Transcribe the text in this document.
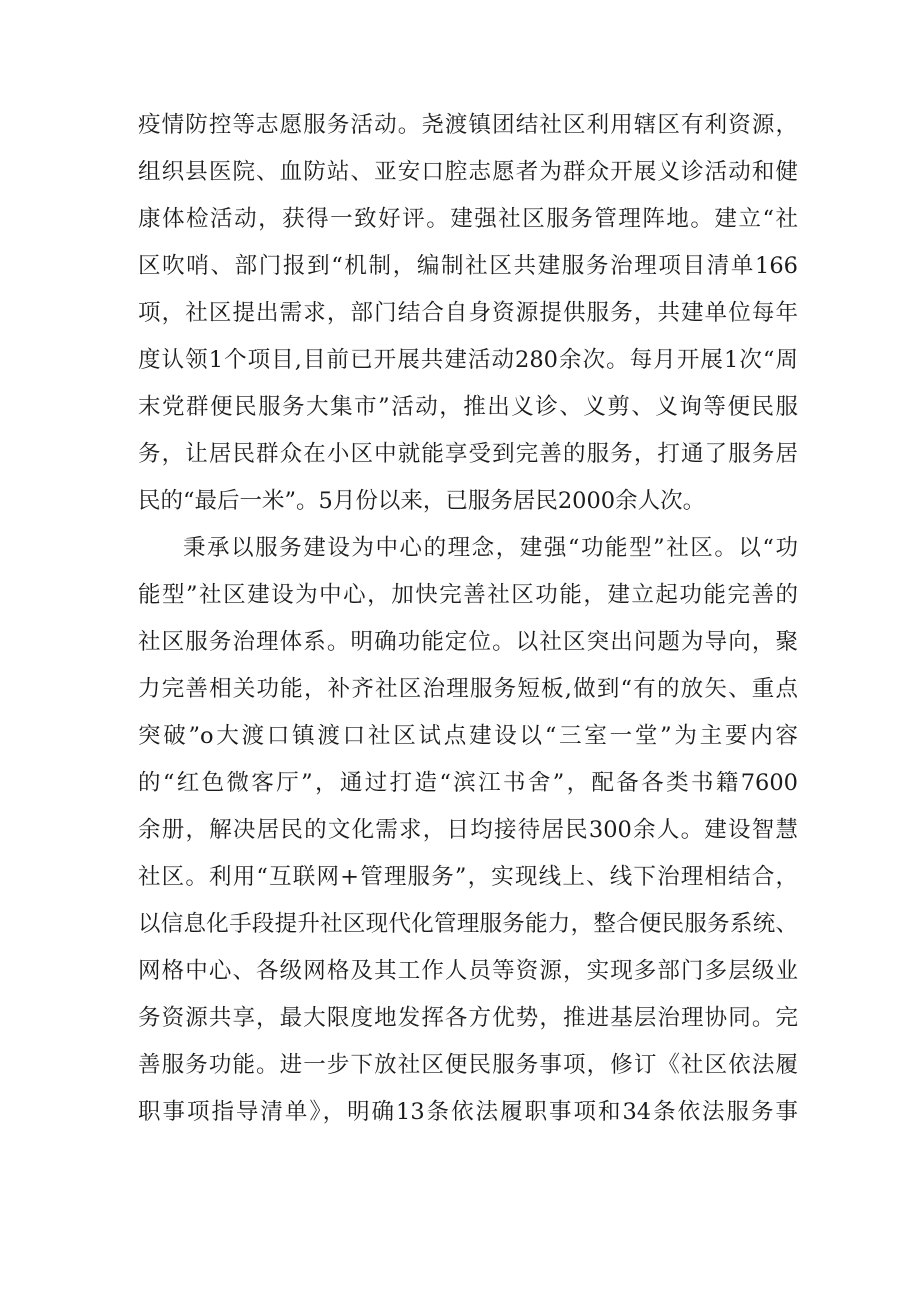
疫情防控等志愿服务活动。尧渡镇团结社区利用辖区有利资源，
组织县医院、血防站、亚安口腔志愿者为群众开展义诊活动和健
康体检活动，获得一致好评。建强社区服务管理阵地。建立“社
区吹哨、部门报到“机制，编制社区共建服务治理项目清单166
项，社区提出需求，部门结合自身资源提供服务，共建单位每年
度认领1个项目,目前已开展共建活动280余次。每月开展1次“周
末党群便民服务大集市”活动，推出义诊、义剪、义询等便民服
务，让居民群众在小区中就能享受到完善的服务，打通了服务居
民的“最后一米”。5月份以来，已服务居民2000余人次。
秉承以服务建设为中心的理念，建强“功能型”社区。以“功
能型”社区建设为中心，加快完善社区功能，建立起功能完善的
社区服务治理体系。明确功能定位。以社区突出问题为导向，聚
力完善相关功能，补齐社区治理服务短板,做到“有的放矢、重点
突破”o大渡口镇渡口社区试点建设以“三室一堂”为主要内容
的“红色微客厅”，通过打造“滨江书舍”，配备各类书籍7600
余册，解决居民的文化需求，日均接待居民300余人。建设智慧
社区。利用“互联网+管理服务”，实现线上、线下治理相结合，
以信息化手段提升社区现代化管理服务能力，整合便民服务系统、
网格中心、各级网格及其工作人员等资源，实现多部门多层级业
务资源共享，最大限度地发挥各方优势，推进基层治理协同。完
善服务功能。进一步下放社区便民服务事项，修订《社区依法履
职事项指导清单》，明确13条依法履职事项和34条依法服务事
